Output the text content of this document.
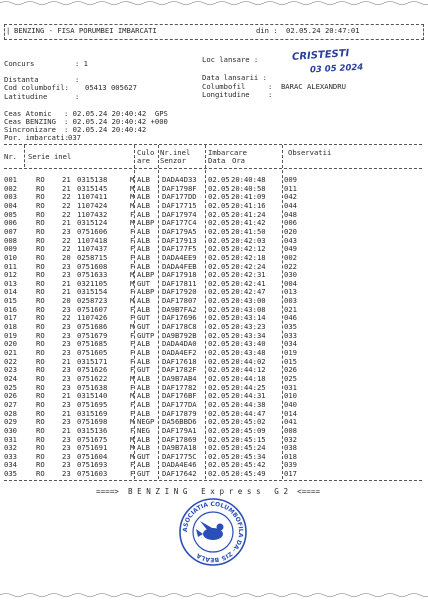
| BENZING - FISA PORUMBEI IMBARCATI	din : 02.05.24 20:47:01
Concurs	: 1	Loc lansare :	CRISTESTI
03 05 2024
Distanta	:	Data lansarii :
Cod columbofil: 05413 005627	Columbofil	:  BARAC ALEXANDRU
Latitudine	:	Longitudine	:
Ceas Atomic : 02.05.24 20:40:42  GPS
Ceas BENZING : 02.05.24 20:40:42 +000
Sincronizare : 02.05.24 20:40:42
Por. imbarcati: 037
Nr. Serie inel	Culo
are
Nr.inel
Senzor
Imbarcare
Data Ora
Observatii
001	RO 21 0315138	M ALB DADA4D33 02.05 20:40:48	009
002	RO 21 0315145	M ALB DAF1798F 02.05 20:40:58	011
003	RO 22 1107411	M ALB DAF177DD 02.05 20:41:09	042
004	RO 22 1107424	M ALB DAF17715 02.05 20:41:16	044
005	RO 22 1107432	F ALB DAF17974 02.05 20:41:24	048
006	RO 21 0315124	M ALBP DAF177C4 02.05 20:41:42	006
007	RO 23 0751606	F ALB DAF179A5 02.05 20:41:50	020
008	RO 22 1107418	F ALB DAF17913 02.05 20:42:03	043
009	RO 22 1107437	F ALB DAF177F5 02.05 20:42:12	049
010	RO 20 0258715	F ALB DADA4EE9 02.05 20:42:18	002
011	RO 23 0751608	F ALB DADA4FEB 02.05 20:42:24	022
012	RO 23 0751633	M ALBP DAF17918 02.05 20:42:31	030
013	RO 21 0321105	M GUT DAF17811 02.05 20:42:41	004
014	RO 21 0315154	F ALBP DAF17920 02.05 20:42:47	013
015	RO 20 0258723	M ALB DAF17807 02.05 20:43:00	003
016	RO 23 0751607	F ALB DA9B7FA2 02.05 20:43:08	021
017	RO 22 1107426	F GUT DAF17696 02.05 20:43:14	046
018	RO 23 0751686	M GUT DAF178C8 02.05 20:43:23	035
019	RO 23 0751679	F GUTP DA9B792B 02.05 20:43:34	033
020	RO 23 0751685	F ALB DADA4DA0 02.05 20:43:40	034
021	RO 23 0751605	F ALB DADA4EF2 02.05 20:43:48	019
022	RO 21 0315171	F ALB DAF17618 02.05 20:44:02	015
023	RO 23 0751626	F GUT DAF1782F 02.05 20:44:12	026
024	RO 23 0751622	M ALB DA9B7AB4 02.05 20:44:18	025
025	RO 23 0751638	F ALB DAF17782 02.05 20:44:25	031
026	RO 21 0315140	M ALB DAF176BF 02.05 20:44:31	010
027	RO 23 0751695	F ALB DAF177DA 02.05 20:44:38	040
028	RO 21 0315169	F ALB DAF17879 02.05 20:44:47	014
029	RO 23 0751698	M NEGP DA56BBD6 02.05 20:45:02	041
030	RO 21 0315136	F NEG DAF179A1 02.05 20:45:09	008
031	RO 23 0751675	M ALB DAF17869 02.05 20:45:15	032
032	RO 23 0751691	M ALB DA9B7A18 02.05 20:45:24	038
033	RO 23 0751604	M GUT DAF1775C 02.05 20:45:34	018
034	RO 23 0751693	F ALB DADA4E46 02.05 20:45:42	039
035	RO 23 0751603	F GUT DAF17642 02.05 20:45:49	017
====>  B E N Z I N G   E x p r e s s   G 2  <====
ASOCIATIA COLUMBOFILA DA- ZIS BEALA
